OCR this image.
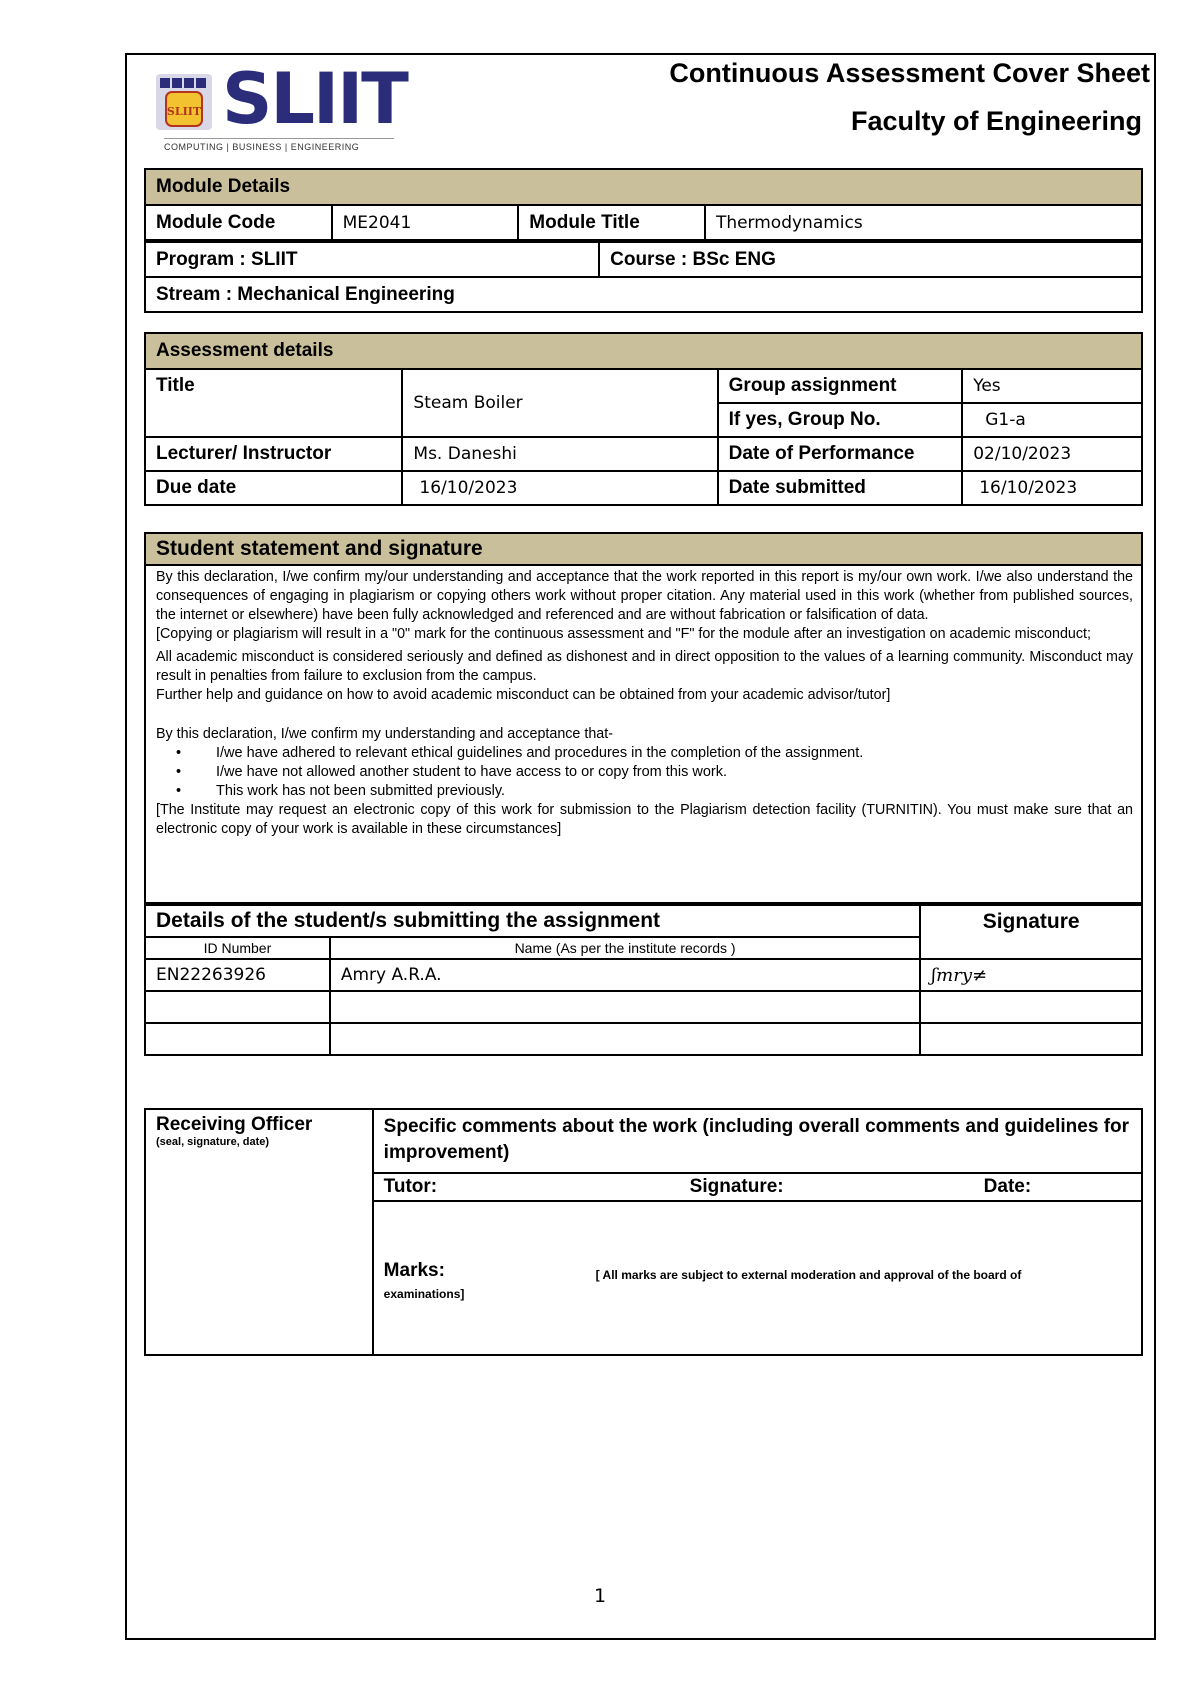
SLIIT SLIIT
COMPUTING | BUSINESS | ENGINEERING
Continuous Assessment Cover Sheet
Faculty of Engineering
Module Details
Module Code	ME2041	Module Title	Thermodynamics
Program : SLIIT	Course : BSc ENG
Stream : Mechanical Engineering
Assessment details			
Title	Steam Boiler	Group assignment	Yes
		If yes, Group No.	G1-a
Lecturer/ Instructor	Ms. Daneshi	Date of Performance	02/10/2023
Due date	16/10/2023	Date submitted	16/10/2023
Student statement and signature

By this declaration, I/we confirm my/our understanding and acceptance that the work reported in this report is my/our own work. I/we also understand the consequences of engaging in plagiarism or copying others work without proper citation. Any material used in this work (whether from published sources, the internet or elsewhere) have been fully acknowledged and referenced and are without fabrication or falsification of data.

[Copying or plagiarism will result in a "0" mark for the continuous assessment and "F" for the module after an investigation on academic misconduct;

All academic misconduct is considered seriously and defined as dishonest and in direct opposition to the values of a learning community. Misconduct may result in penalties from failure to exclusion from the campus.

Further help and guidance on how to avoid academic misconduct can be obtained from your academic advisor/tutor]

By this declaration, I/we confirm my understanding and acceptance that-

• I/we have adhered to relevant ethical guidelines and procedures in the completion of the assignment.
• I/we have not allowed another student to have access to or copy from this work.
• This work has not been submitted previously.

[The Institute may request an electronic copy of this work for submission to the Plagiarism detection facility (TURNITIN). You must make sure that an electronic copy of your work is available in these circumstances]

Details of the student/s submitting the assignment		Signature
ID Number	Name (As per the institute records )	
EN22263926	Amry A.R.A.	ʃmry≠

Receiving Officer
(seal, signature, date)
	Specific comments about the work (including overall comments and guidelines for improvement)
Tutor:	Signature:	Date:

Marks:	[ All marks are subject to external moderation and approval of the board of examinations]
1
